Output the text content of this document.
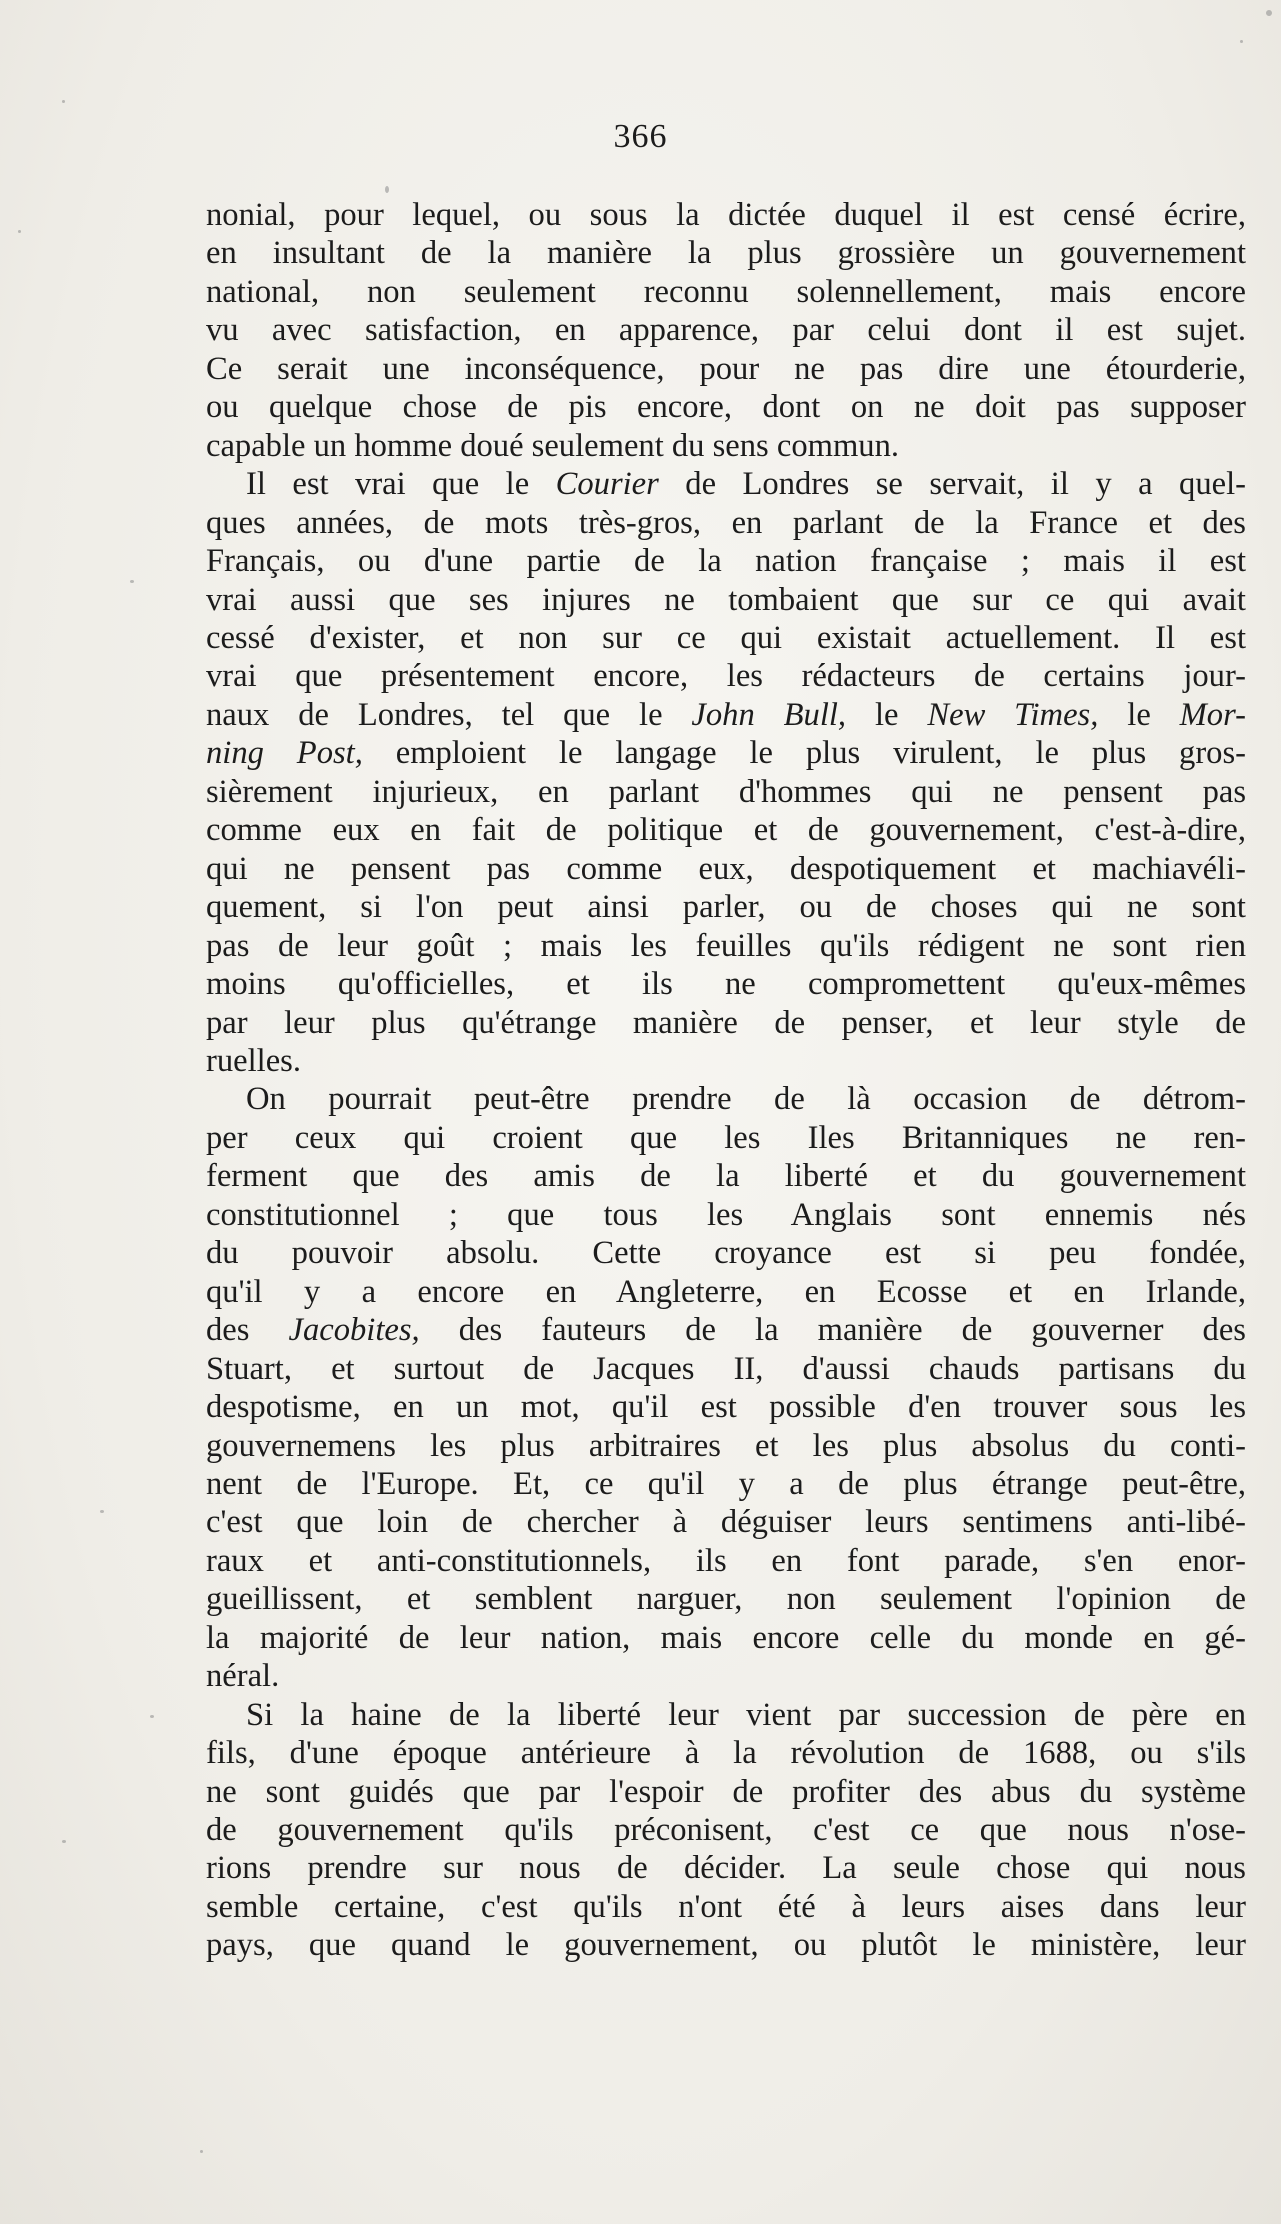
366

nonial, pour lequel, ou sous la dictée duquel il est censé écrire,
en insultant de la manière la plus grossière un gouvernement
national, non seulement reconnu solennellement, mais encore
vu avec satisfaction, en apparence, par celui dont il est sujet.
Ce serait une inconséquence, pour ne pas dire une étourderie,
ou quelque chose de pis encore, dont on ne doit pas supposer
capable un homme doué seulement du sens commun.

Il est vrai que le Courier de Londres se servait, il y a quel-
ques années, de mots très-gros, en parlant de la France et des
Français, ou d'une partie de la nation française ; mais il est
vrai aussi que ses injures ne tombaient que sur ce qui avait
cessé d'exister, et non sur ce qui existait actuellement. Il est
vrai que présentement encore, les rédacteurs de certains jour-
naux de Londres, tel que le John Bull, le New Times, le Mor-
ning Post, emploient le langage le plus virulent, le plus gros-
sièrement injurieux, en parlant d'hommes qui ne pensent pas
comme eux en fait de politique et de gouvernement, c'est-à-dire,
qui ne pensent pas comme eux, despotiquement et machiavéli-
quement, si l'on peut ainsi parler, ou de choses qui ne sont
pas de leur goût ; mais les feuilles qu'ils rédigent ne sont rien
moins qu'officielles, et ils ne compromettent qu'eux-mêmes
par leur plus qu'étrange manière de penser, et leur style de
ruelles.

On pourrait peut-être prendre de là occasion de détrom-
per ceux qui croient que les Iles Britanniques ne ren-
ferment que des amis de la liberté et du gouvernement
constitutionnel ; que tous les Anglais sont ennemis nés
du pouvoir absolu. Cette croyance est si peu fondée,
qu'il y a encore en Angleterre, en Ecosse et en Irlande,
des Jacobites, des fauteurs de la manière de gouverner des
Stuart, et surtout de Jacques II, d'aussi chauds partisans du
despotisme, en un mot, qu'il est possible d'en trouver sous les
gouvernemens les plus arbitraires et les plus absolus du conti-
nent de l'Europe. Et, ce qu'il y a de plus étrange peut-être,
c'est que loin de chercher à déguiser leurs sentimens anti-libé-
raux et anti-constitutionnels, ils en font parade, s'en enor-
gueillissent, et semblent narguer, non seulement l'opinion de
la majorité de leur nation, mais encore celle du monde en gé-
néral.

Si la haine de la liberté leur vient par succession de père en
fils, d'une époque antérieure à la révolution de 1688, ou s'ils
ne sont guidés que par l'espoir de profiter des abus du système
de gouvernement qu'ils préconisent, c'est ce que nous n'ose-
rions prendre sur nous de décider. La seule chose qui nous
semble certaine, c'est qu'ils n'ont été à leurs aises dans leur
pays, que quand le gouvernement, ou plutôt le ministère, leur
